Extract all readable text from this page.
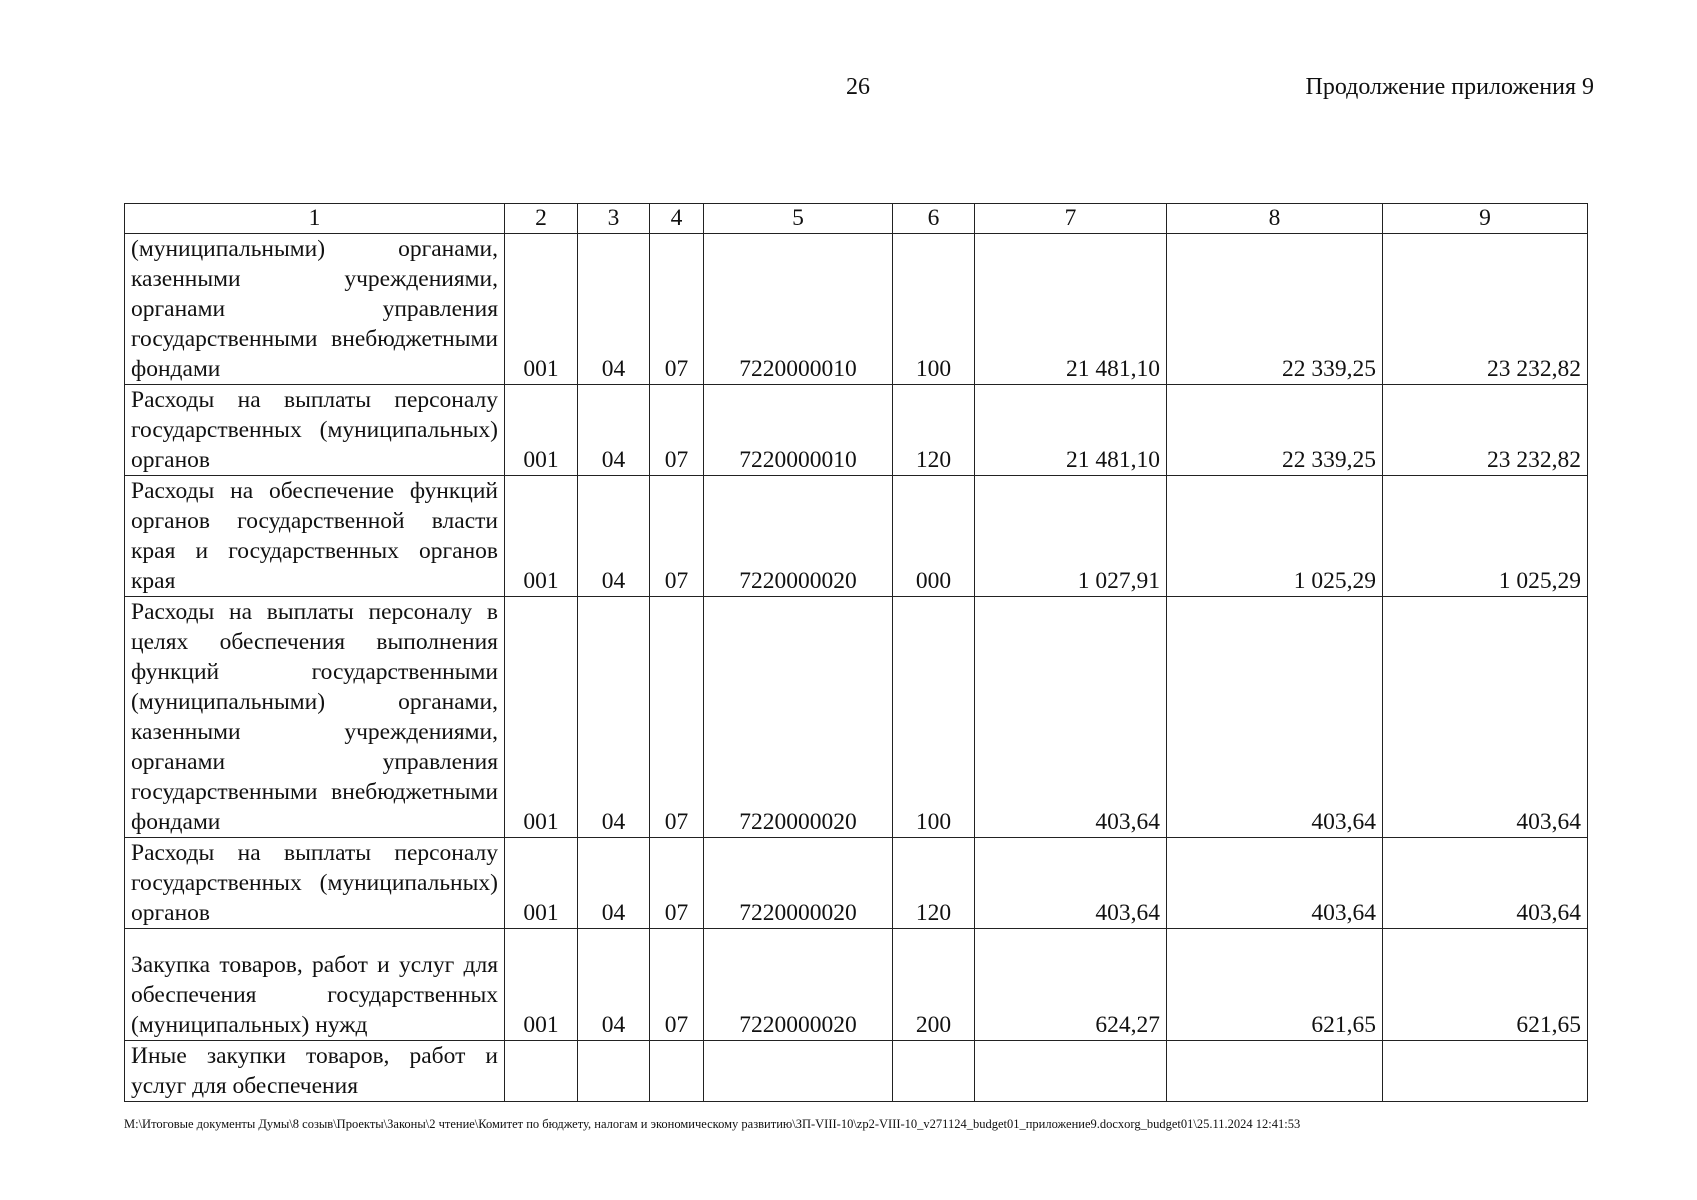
26	Продолжение приложения 9
1	2	3	4	5	6	7	8	9
(муниципальными) органами, казенными учреждениями, органами управления государственными внебюджетными фондами	001	04	07	7220000010	100	21 481,10	22 339,25	23 232,82
Расходы на выплаты персоналу государственных (муниципальных) органов	001	04	07	7220000010	120	21 481,10	22 339,25	23 232,82
Расходы на обеспечение функций органов государственной власти края и государственных органов края	001	04	07	7220000020	000	1 027,91	1 025,29	1 025,29
Расходы на выплаты персоналу в целях обеспечения выполнения функций государственными (муниципальными) органами, казенными учреждениями, органами управления государственными внебюджетными фондами	001	04	07	7220000020	100	403,64	403,64	403,64
Расходы на выплаты персоналу государственных (муниципальных) органов	001	04	07	7220000020	120	403,64	403,64	403,64
Закупка товаров, работ и услуг для обеспечения государственных (муниципальных) нужд	001	04	07	7220000020	200	624,27	621,65	621,65
Иные закупки товаров, работ и услуг для обеспечения								
M:\Итоговые документы Думы\8 созыв\Проекты\Законы\2 чтение\Комитет по бюджету, налогам и экономическому развитию\ЗП-VIII-10\zp2-VIII-10_v271124_budget01_приложение9.docxorg_budget01\25.11.2024 12:41:53
